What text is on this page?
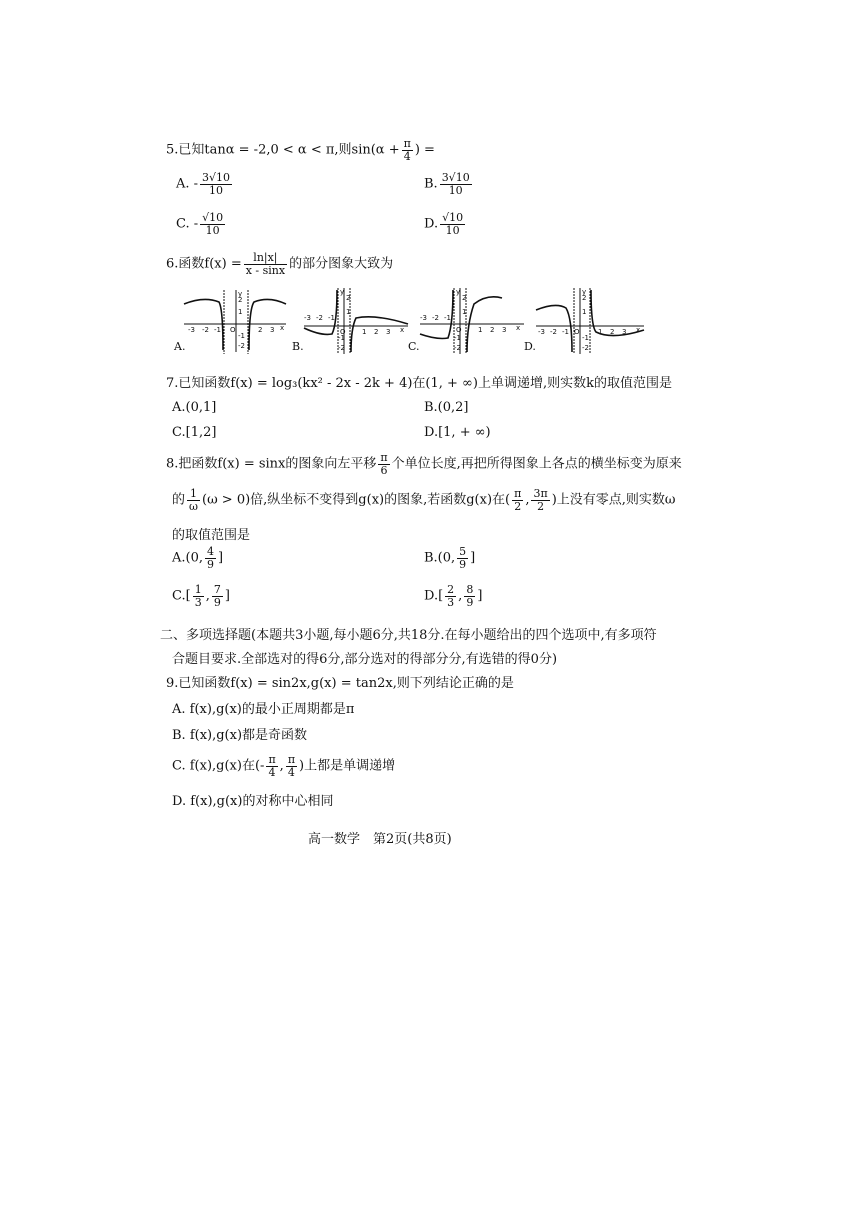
5.已知tanα = -2,0 < α < π,则$\sin(\alpha + \frac{\pi}{4}$ ) =
A. - $\frac{3√10}{10}$	B. $\frac{3√10}{10}$
C. - $\frac{√10}{10}$	D. $\frac{√10}{10}$
6.函数$f(x) = \frac{\ln|x|}{x - \sin x}$ 的部分图象大致为
y
2
1
-1
-2
-3 -2 -1 O	2 3 x
A.
y
2
1
-1
-2
-3 -2 -1
O 1 2 3 x
B.
y
2
1
-1
-2
-3 -2 -1
O 1 2 3 x
C.
y
2
1
-1
-2
-3 -2 -1 O	1 2 3 x
D.
7.已知函数f(x) = log₃(kx² - 2x - 2k + 4)在(1, + ∞)上单调递增,则实数k的取值范围是
A.(0,1]	B.(0,2]
C.[1,2]	D.[1, + ∞)
8.把函数f(x) = sinx的图象向左平移 $\frac{\pi}{6}$ 个单位长度,再把所得图象上各点的横坐标变为原来
的 $\frac{1}{\omega} (\omega > 0)$倍,纵坐标不变得到g(x)的图象,若函数g(x)在( $\frac{\pi}{2}$ , $\frac{3\pi}{2}$ )上没有零点,则实数ω
的取值范围是
A.(0, $\frac{4}{9}$ ]	B.(0, $\frac{5}{9}$ ]
$C.[ \frac{1}{3}$ , $\frac{7}{9}$ ]	$D.[ \frac{2}{3}$ , $\frac{8}{9}$ ]
二、多项选择题(本题共3小题,每小题6分,共18分.在每小题给出的四个选项中,有多项符
合题目要求.全部选对的得6分,部分选对的得部分分,有选错的得0分)
9.已知函数f(x) = sin2x,g(x) = tan2x,则下列结论正确的是
A. f(x),g(x)的最小正周期都是π
B. f(x),g(x)都是奇函数
C. f(x),g(x)在(- $\frac{\pi}{4}$ , $\frac{\pi}{4}$ )上都是单调递增
D. f(x),g(x)的对称中心相同
高一数学　第2页(共8页)
